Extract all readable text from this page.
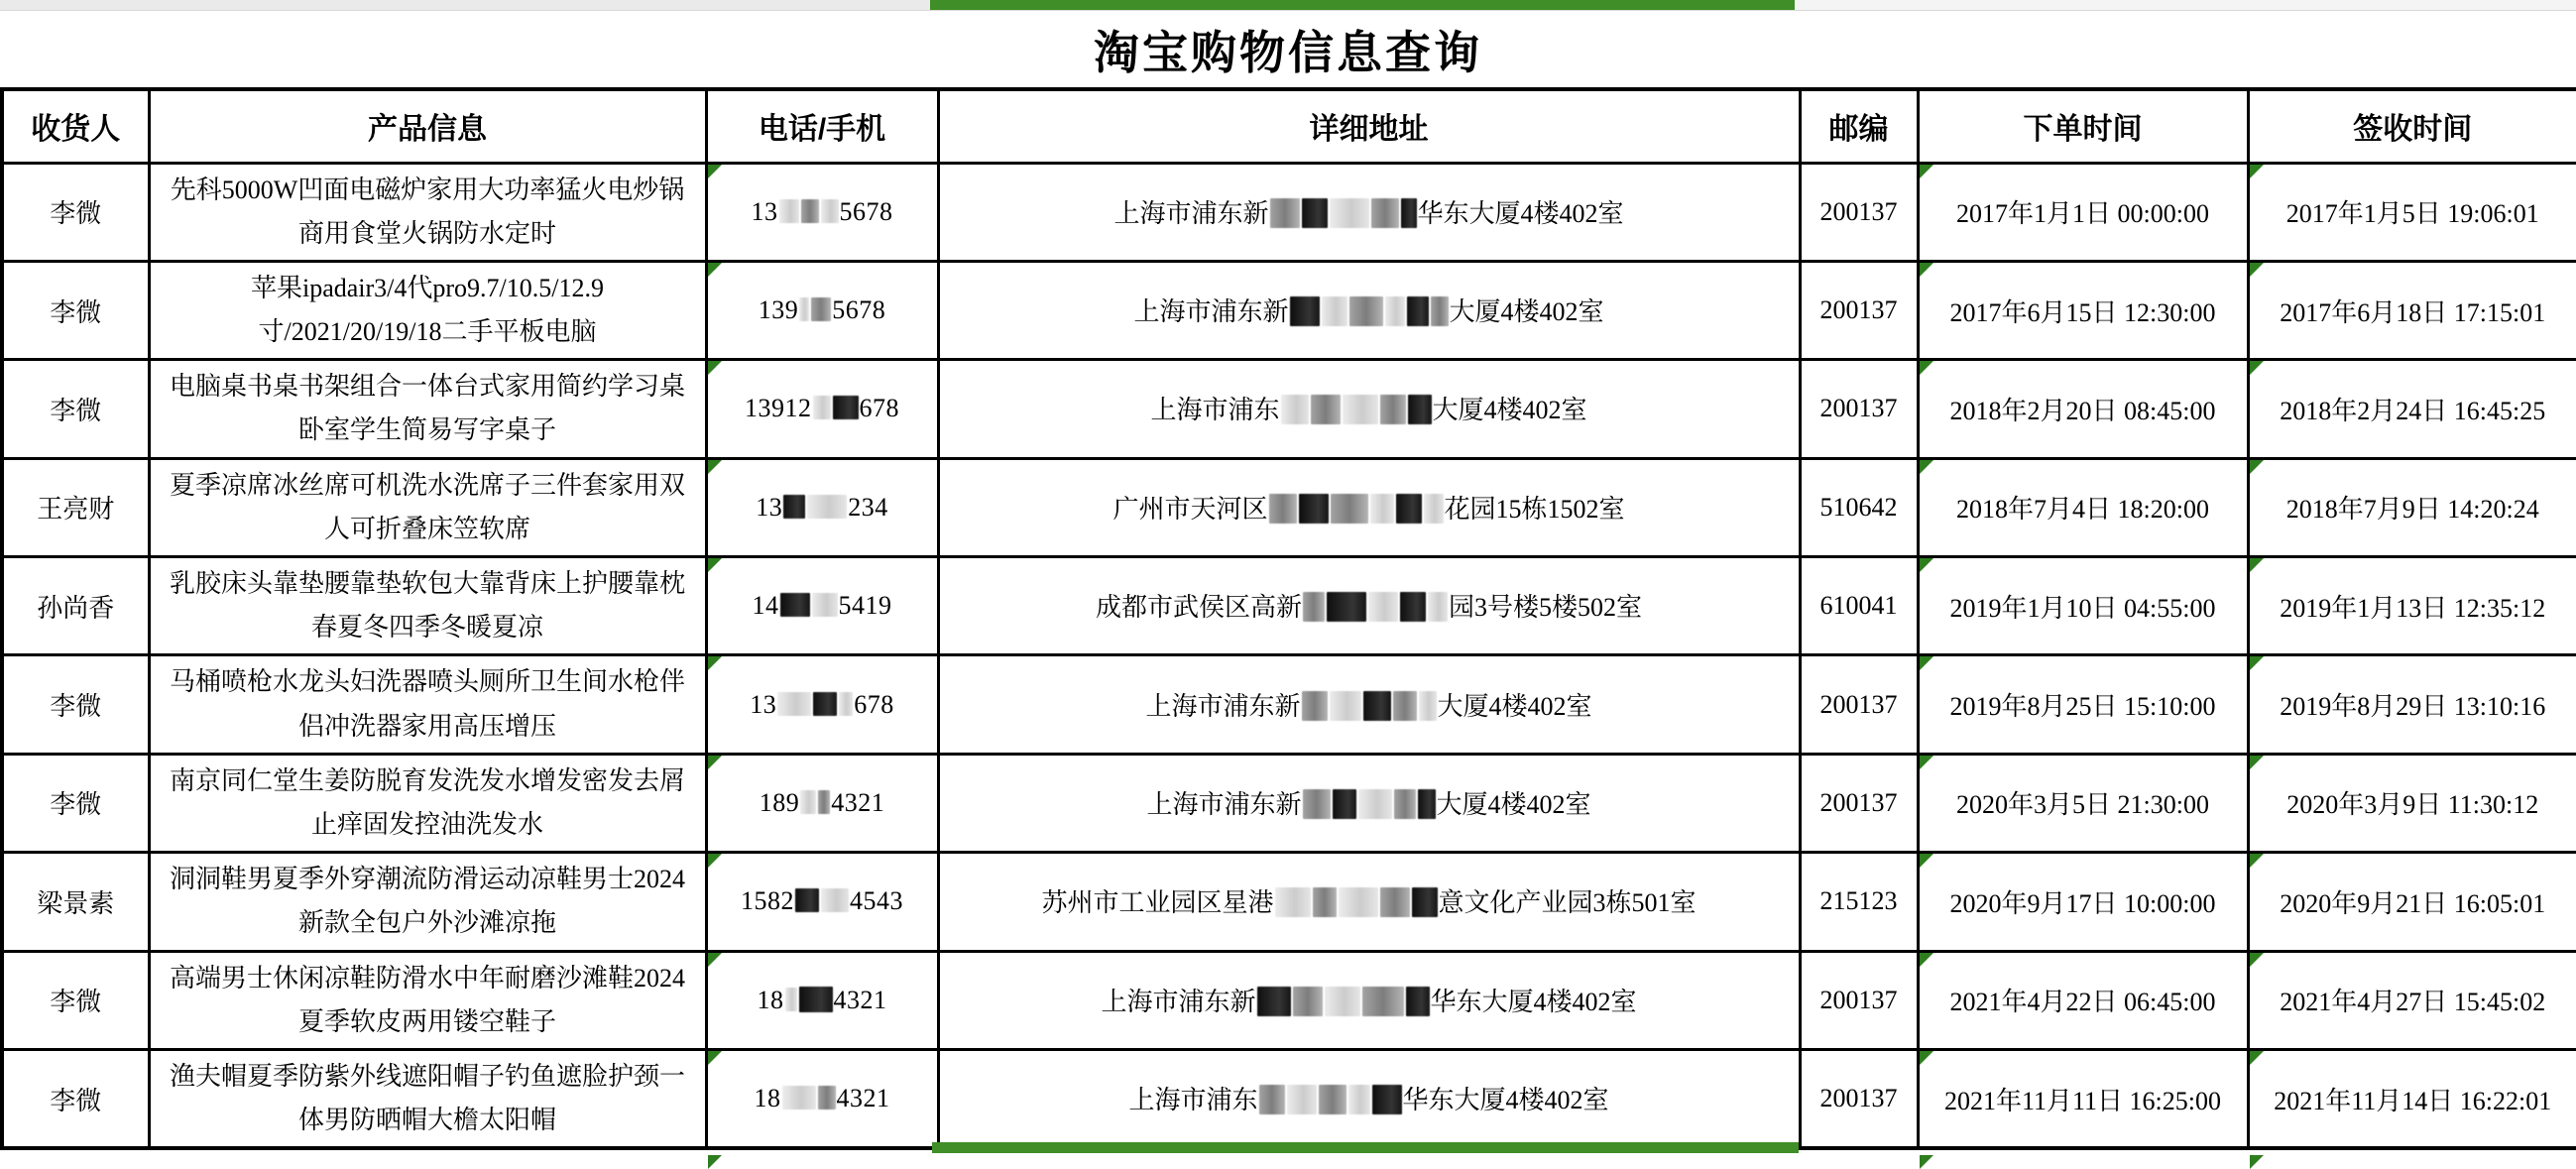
淘宝购物信息查询
收货人	产品信息	电话/手机	详细地址	邮编	下单时间	签收时间
李微	先科5000W凹面电磁炉家用大功率猛火电炒锅商用食堂火锅防水定时	13 5678	上海市浦东新 华东大厦4楼402室	200137	2017年1月1日 00:00:00	2017年1月5日 19:06:01
李微	苹果ipadair3/4代pro9.7/10.5/12.9寸/2021/20/19/18二手平板电脑	139 5678	上海市浦东新 大厦4楼402室	200137	2017年6月15日 12:30:00	2017年6月18日 17:15:01
李微	电脑桌书桌书架组合一体台式家用简约学习桌卧室学生简易写字桌子	13912 678	上海市浦东 大厦4楼402室	200137	2018年2月20日 08:45:00	2018年2月24日 16:45:25
王亮财	夏季凉席冰丝席可机洗水洗席子三件套家用双人可折叠床笠软席	13 234	广州市天河区 花园15栋1502室	510642	2018年7月4日 18:20:00	2018年7月9日 14:20:24
孙尚香	乳胶床头靠垫腰靠垫软包大靠背床上护腰靠枕春夏冬四季冬暖夏凉	14 5419	成都市武侯区高新 园3号楼5楼502室	610041	2019年1月10日 04:55:00	2019年1月13日 12:35:12
李微	马桶喷枪水龙头妇洗器喷头厕所卫生间水枪伴侣冲洗器家用高压增压	13 678	上海市浦东新 大厦4楼402室	200137	2019年8月25日 15:10:00	2019年8月29日 13:10:16
李微	南京同仁堂生姜防脱育发洗发水增发密发去屑止痒固发控油洗发水	189 4321	上海市浦东新 大厦4楼402室	200137	2020年3月5日 21:30:00	2020年3月9日 11:30:12
梁景素	洞洞鞋男夏季外穿潮流防滑运动凉鞋男士2024新款全包户外沙滩凉拖	1582 4543	苏州市工业园区星港 意文化产业园3栋501室	215123	2020年9月17日 10:00:00	2020年9月21日 16:05:01
李微	高端男士休闲凉鞋防滑水中年耐磨沙滩鞋2024夏季软皮两用镂空鞋子	18 4321	上海市浦东新 华东大厦4楼402室	200137	2021年4月22日 06:45:00	2021年4月27日 15:45:02
李微	渔夫帽夏季防紫外线遮阳帽子钓鱼遮脸护颈一体男防晒帽大檐太阳帽	18 4321	上海市浦东 华东大厦4楼402室	200137	2021年11月11日 16:25:00	2021年11月14日 16:22:01
